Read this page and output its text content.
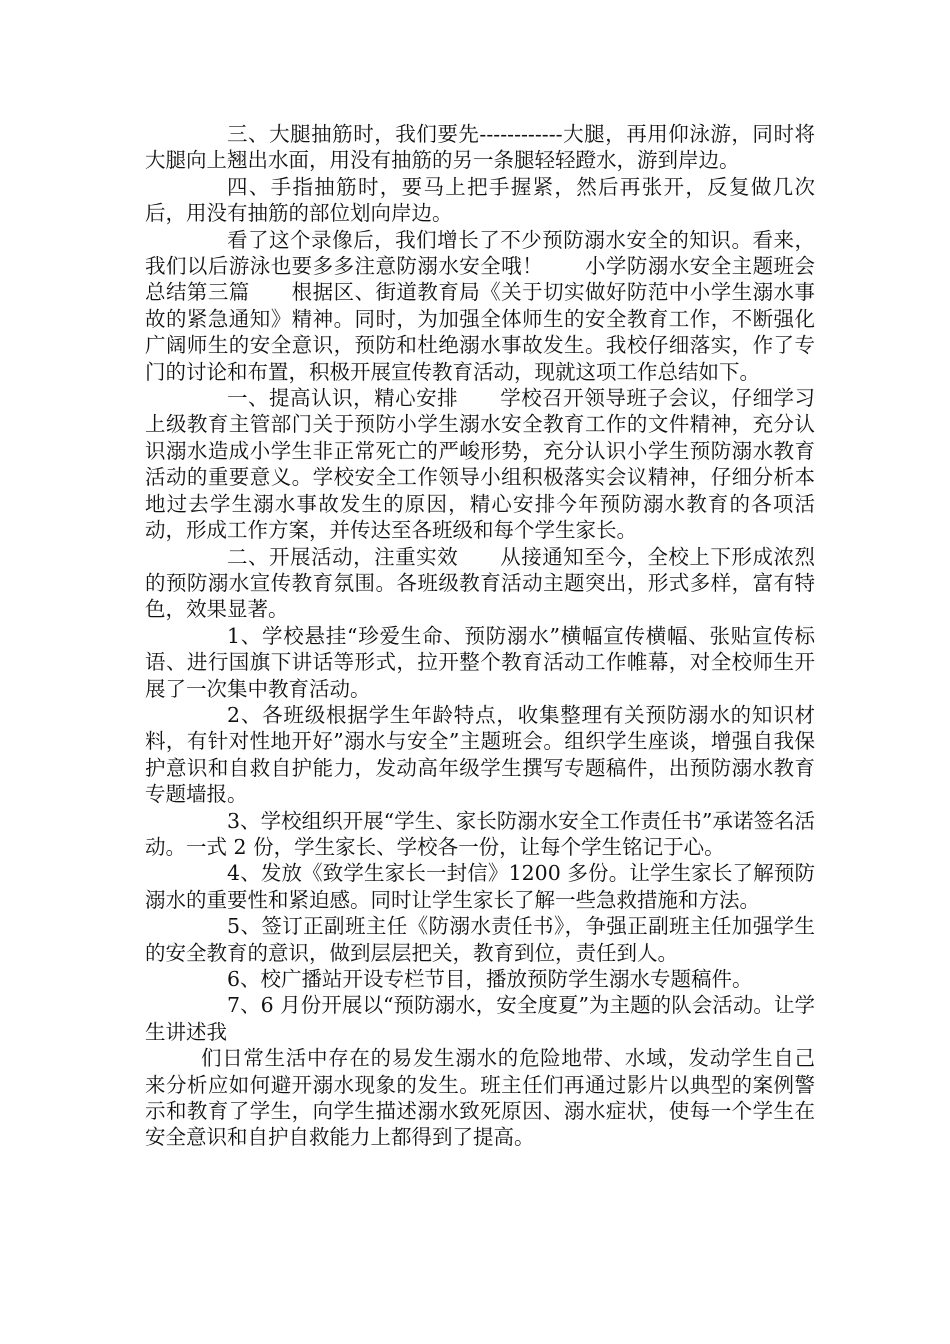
三、大腿抽筋时，我们要先------------大腿，再用仰泳游，同时将大腿向上翘出水面，用没有抽筋的另一条腿轻轻蹬水，游到岸边。

四、手指抽筋时，要马上把手握紧，然后再张开，反复做几次后，用没有抽筋的部位划向岸边。

看了这个录像后，我们增长了不少预防溺水安全的知识。看来，我们以后游泳也要多多注意防溺水安全哦！　　小学防溺水安全主题班会总结第三篇　　根据区、街道教育局《关于切实做好防范中小学生溺水事故的紧急通知》精神。同时，为加强全体师生的安全教育工作，不断强化广阔师生的安全意识，预防和杜绝溺水事故发生。我校仔细落实，作了专门的讨论和布置，积极开展宣传教育活动，现就这项工作总结如下。

一、提高认识，精心安排　　学校召开领导班子会议，仔细学习上级教育主管部门关于预防小学生溺水安全教育工作的文件精神，充分认识溺水造成小学生非正常死亡的严峻形势，充分认识小学生预防溺水教育活动的重要意义。学校安全工作领导小组积极落实会议精神，仔细分析本地过去学生溺水事故发生的原因，精心安排今年预防溺水教育的各项活动，形成工作方案，并传达至各班级和每个学生家长。

二、开展活动，注重实效　　从接通知至今，全校上下形成浓烈的预防溺水宣传教育氛围。各班级教育活动主题突出，形式多样，富有特色，效果显著。

1、学校悬挂“珍爱生命、预防溺水”横幅宣传横幅、张贴宣传标语、进行国旗下讲话等形式，拉开整个教育活动工作帷幕，对全校师生开展了一次集中教育活动。

2、各班级根据学生年龄特点，收集整理有关预防溺水的知识材料，有针对性地开好”溺水与安全”主题班会。组织学生座谈，增强自我保护意识和自救自护能力，发动高年级学生撰写专题稿件，出预防溺水教育专题墙报。

3、学校组织开展“学生、家长防溺水安全工作责任书”承诺签名活动。一式 2 份，学生家长、学校各一份，让每个学生铭记于心。

4、发放《致学生家长一封信》1200 多份。让学生家长了解预防溺水的重要性和紧迫感。同时让学生家长了解一些急救措施和方法。

5、签订正副班主任《防溺水责任书》，争强正副班主任加强学生的安全教育的意识，做到层层把关，教育到位，责任到人。

6、校广播站开设专栏节目，播放预防学生溺水专题稿件。

7、6 月份开展以“预防溺水，安全度夏”为主题的队会活动。让学生讲述我

们日常生活中存在的易发生溺水的危险地带、水域，发动学生自己来分析应如何避开溺水现象的发生。班主任们再通过影片以典型的案例警示和教育了学生，向学生描述溺水致死原因、溺水症状，使每一个学生在安全意识和自护自救能力上都得到了提高。
